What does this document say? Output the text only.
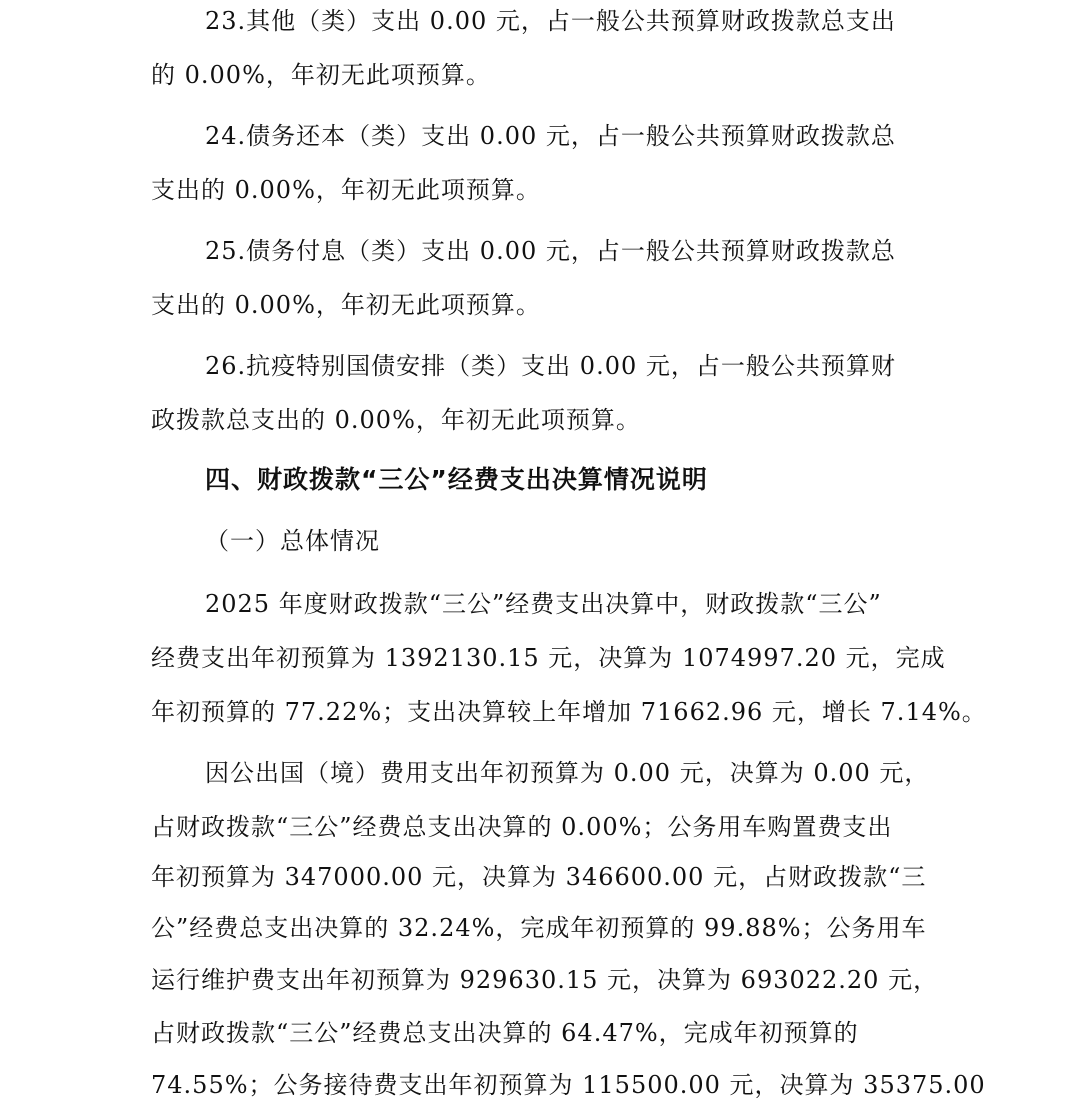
23.其他（类）支出 0.00 元，占一般公共预算财政拨款总支出

的 0.00%，年初无此项预算。

24.债务还本（类）支出 0.00 元，占一般公共预算财政拨款总

支出的 0.00%，年初无此项预算。

25.债务付息（类）支出 0.00 元，占一般公共预算财政拨款总

支出的 0.00%，年初无此项预算。

26.抗疫特别国债安排（类）支出 0.00 元，占一般公共预算财

政拨款总支出的 0.00%，年初无此项预算。

四、财政拨款“三公”经费支出决算情况说明

（一）总体情况

2025 年度财政拨款“三公”经费支出决算中，财政拨款“三公”

经费支出年初预算为 1392130.15 元，决算为 1074997.20 元，完成

年初预算的 77.22%；支出决算较上年增加 71662.96 元，增长 7.14%。

因公出国（境）费用支出年初预算为 0.00 元，决算为 0.00 元，

占财政拨款“三公”经费总支出决算的 0.00%；公务用车购置费支出

年初预算为 347000.00 元，决算为 346600.00 元，占财政拨款“三

公”经费总支出决算的 32.24%，完成年初预算的 99.88%；公务用车

运行维护费支出年初预算为 929630.15 元，决算为 693022.20 元，

占财政拨款“三公”经费总支出决算的 64.47%，完成年初预算的

74.55%；公务接待费支出年初预算为 115500.00 元，决算为 35375.00
